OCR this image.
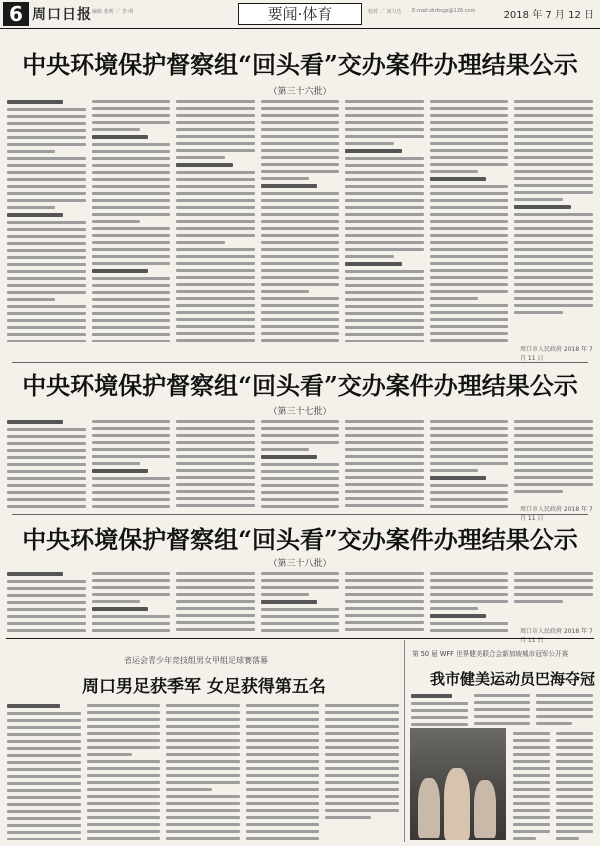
6 周口日报 编辑 张明 ／ 李 明	要闻·体育	校对 ／ 刘力达 E-mail:zkrbsgz@126.com	2018 年 7 月 12 日
中央环境保护督察组“回头看”交办案件办理结果公示
（第三十六批）
周口市人民政府 2018 年 7 月 11 日
中央环境保护督察组“回头看”交办案件办理结果公示
（第三十七批）
周口市人民政府 2018 年 7 月 11 日
中央环境保护督察组“回头看”交办案件办理结果公示
（第三十八批）
周口市人民政府 2018 年 7 月 11 日
省运会青少年竞技组男女甲组足球赛落幕
周口男足获季军 女足获得第五名
第 50 届 WFF 世界健美联合会新加坡城市冠军公开赛
我市健美运动员巴海夺冠
